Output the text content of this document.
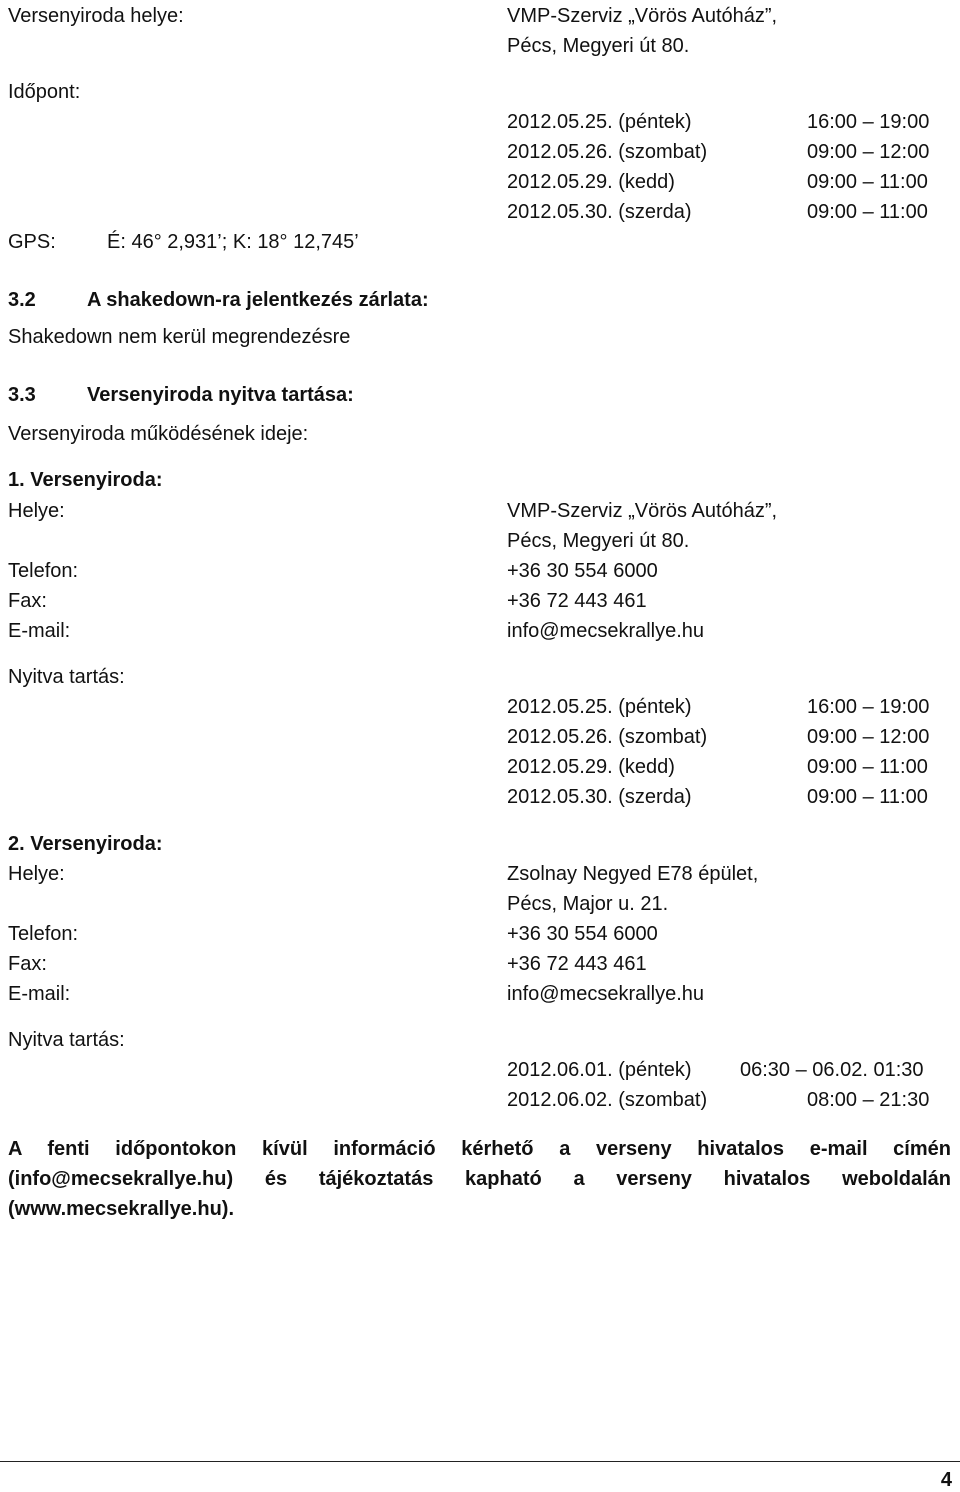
Versenyiroda helye:	VMP-Szerviz „Vörös Autóház”,
Pécs, Megyeri út 80.
Időpont:
2012.05.25. (péntek)	16:00 – 19:00
2012.05.26. (szombat)	09:00 – 12:00
2012.05.29. (kedd)	09:00 – 11:00
2012.05.30. (szerda)	09:00 – 11:00
GPS:	É: 46° 2,931’; K: 18° 12,745’
3.2	A shakedown-ra jelentkezés zárlata:
Shakedown nem kerül megrendezésre
3.3	Versenyiroda nyitva tartása:
Versenyiroda működésének ideje:
1. Versenyiroda:
Helye:	VMP-Szerviz „Vörös Autóház”,
Pécs, Megyeri út 80.
Telefon:	+36 30 554 6000
Fax:	+36 72 443 461
E-mail:	info@mecsekrallye.hu
Nyitva tartás:
2012.05.25. (péntek)	16:00 – 19:00
2012.05.26. (szombat)	09:00 – 12:00
2012.05.29. (kedd)	09:00 – 11:00
2012.05.30. (szerda)	09:00 – 11:00
2. Versenyiroda:
Helye:	Zsolnay Negyed E78 épület,
Pécs, Major u. 21.
Telefon:	+36 30 554 6000
Fax:	+36 72 443 461
E-mail:	info@mecsekrallye.hu
Nyitva tartás:
2012.06.01. (péntek) 06:30 – 06.02. 01:30
2012.06.02. (szombat)	08:00 – 21:30
A fenti időpontokon kívül információ kérhető a verseny hivatalos e-mail címén
(info@mecsekrallye.hu) és tájékoztatás kapható a verseny hivatalos weboldalán
(www.mecsekrallye.hu).
4
